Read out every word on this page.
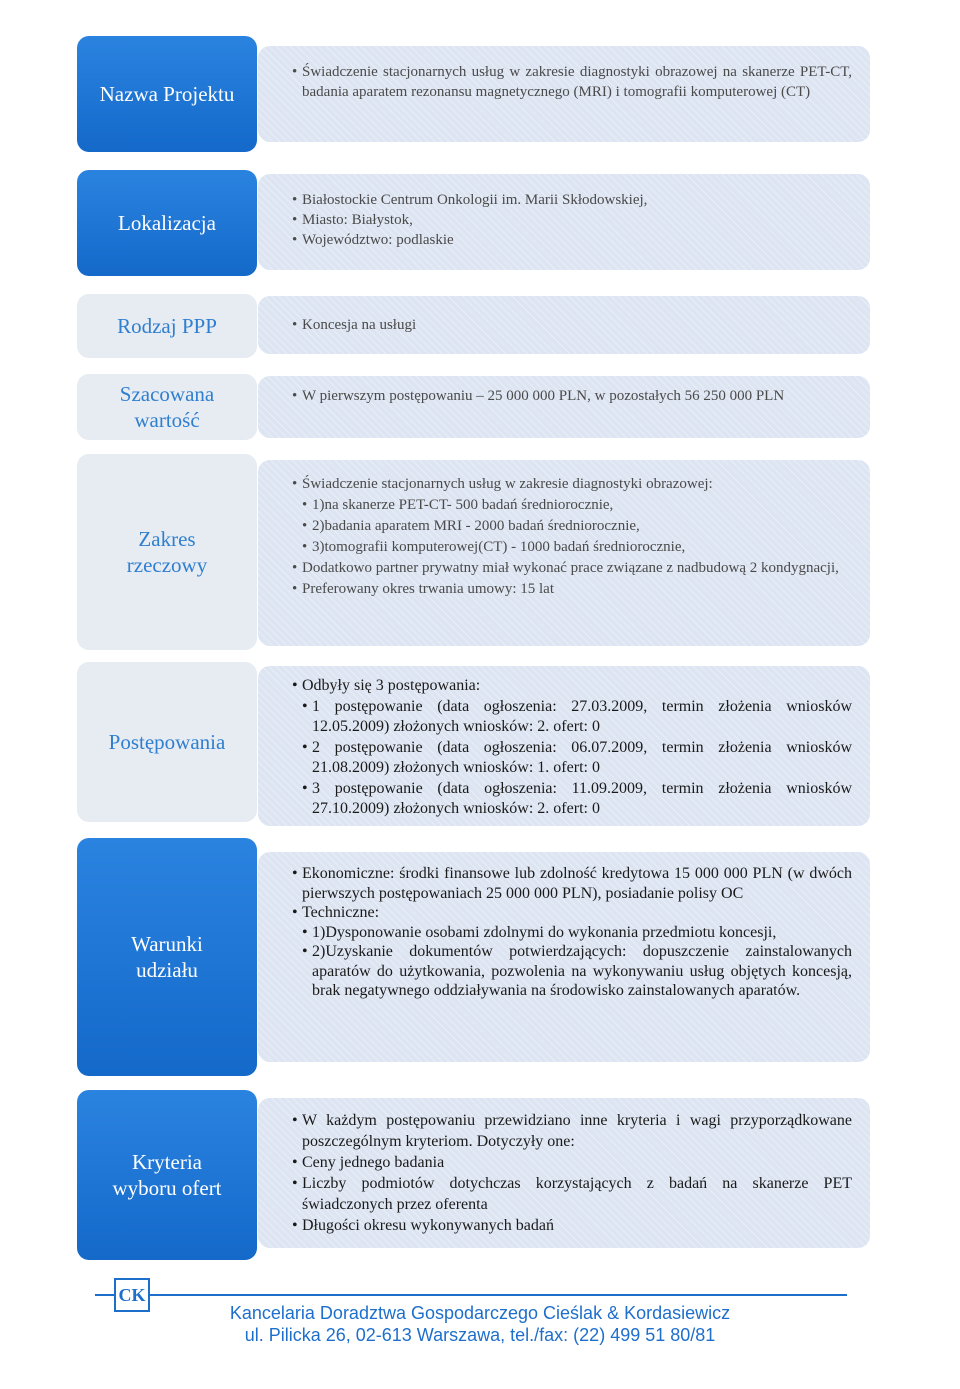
Nazwa Projektu
• Świadczenie stacjonarnych usług w zakresie diagnostyki obrazowej na skanerze PET-CT, badania aparatem rezonansu magnetycznego (MRI) i tomografii komputerowej (CT)
Lokalizacja
• Białostockie Centrum Onkologii im. Marii Skłodowskiej,
• Miasto: Białystok,
• Województwo: podlaskie
Rodzaj PPP
•	Koncesja na usługi
Szacowana wartość
• W pierwszym postępowaniu – 25 000 000 PLN, w pozostałych 56 250 000 PLN
Zakres rzeczowy
• Świadczenie stacjonarnych usług w zakresie diagnostyki obrazowej:
• 1)na skanerze PET-CT- 500 badań średniorocznie,
• 2)badania aparatem MRI - 2000 badań średniorocznie,
• 3)tomografii komputerowej(CT) - 1000 badań średniorocznie,
• Dodatkowo partner prywatny miał wykonać prace związane z nadbudową 2 kondygnacji,
• Preferowany okres trwania umowy: 15 lat
Postępowania
• Odbyły się 3 postępowania:
• 1 postępowanie (data ogłoszenia: 27.03.2009, termin złożenia wniosków 12.05.2009) złożonych wniosków: 2. ofert: 0
• 2 postępowanie (data ogłoszenia: 06.07.2009, termin złożenia wniosków 21.08.2009) złożonych wniosków: 1. ofert: 0
• 3 postępowanie (data ogłoszenia: 11.09.2009, termin złożenia wniosków 27.10.2009) złożonych wniosków: 2. ofert: 0
Warunki udziału
• Ekonomiczne: środki finansowe lub zdolność kredytowa 15 000 000 PLN (w dwóch pierwszych postępowaniach 25 000 000 PLN), posiadanie polisy OC
• Techniczne:
• 1)Dysponowanie osobami zdolnymi do wykonania przedmiotu koncesji,
• 2)Uzyskanie dokumentów potwierdzających: dopuszczenie zainstalowanych aparatów do użytkowania, pozwolenia na wykonywaniu usług objętych koncesją, brak negatywnego oddziaływania na środowisko zainstalowanych aparatów.
Kryteria wyboru ofert
• W każdym postępowaniu przewidziano inne kryteria i wagi przyporządkowane poszczególnym kryteriom. Dotyczyły one:
• Ceny jednego badania
• Liczby podmiotów dotychczas korzystających z badań na skanerze PET świadczonych przez oferenta
• Długości okresu wykonywanych badań
CK
Kancelaria Doradztwa Gospodarczego Cieślak & Kordasiewicz
ul. Pilicka 26, 02-613 Warszawa, tel./fax: (22) 499 51 80/81
